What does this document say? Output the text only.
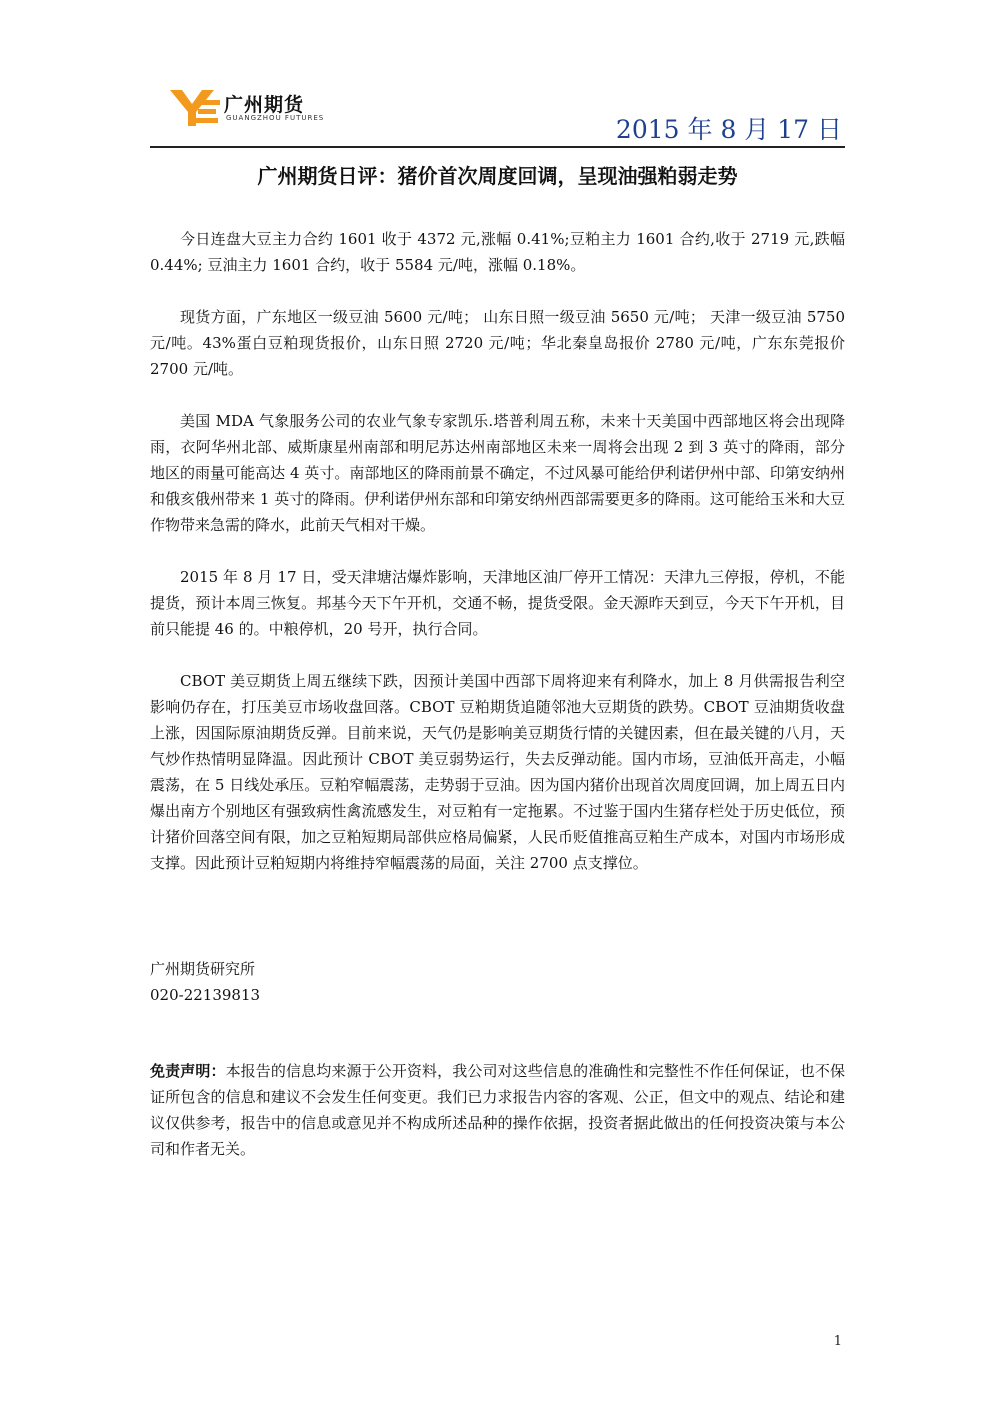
广州期货
GUANGZHOU FUTURES	2015 年 8 月 17 日
广州期货日评：猪价首次周度回调，呈现油强粕弱走势

今日连盘大豆主力合约 1601 收于 4372 元,涨幅 0.41%;豆粕主力 1601 合约,收于 2719 元,跌幅 0.44%; 豆油主力 1601 合约，收于 5584 元/吨，涨幅 0.18%。

现货方面，广东地区一级豆油 5600 元/吨； 山东日照一级豆油 5650 元/吨； 天津一级豆油 5750 元/吨。43%蛋白豆粕现货报价，山东日照 2720 元/吨；华北秦皇岛报价 2780 元/吨，广东东莞报价 2700 元/吨。

美国 MDA 气象服务公司的农业气象专家凯乐.塔普利周五称，未来十天美国中西部地区将会出现降雨，衣阿华州北部、威斯康星州南部和明尼苏达州南部地区未来一周将会出现 2 到 3 英寸的降雨，部分地区的雨量可能高达 4 英寸。南部地区的降雨前景不确定，不过风暴可能给伊利诺伊州中部、印第安纳州和俄亥俄州带来 1 英寸的降雨。伊利诺伊州东部和印第安纳州西部需要更多的降雨。这可能给玉米和大豆作物带来急需的降水，此前天气相对干燥。

2015 年 8 月 17 日，受天津塘沽爆炸影响，天津地区油厂停开工情况：天津九三停报，停机，不能提货，预计本周三恢复。邦基今天下午开机，交通不畅，提货受限。金天源昨天到豆，今天下午开机，目前只能提 46 的。中粮停机，20 号开，执行合同。

CBOT 美豆期货上周五继续下跌，因预计美国中西部下周将迎来有利降水，加上 8 月供需报告利空影响仍存在，打压美豆市场收盘回落。CBOT 豆粕期货追随邻池大豆期货的跌势。CBOT 豆油期货收盘上涨，因国际原油期货反弹。目前来说，天气仍是影响美豆期货行情的关键因素，但在最关键的八月，天气炒作热情明显降温。因此预计 CBOT 美豆弱势运行，失去反弹动能。国内市场，豆油低开高走，小幅震荡，在 5 日线处承压。豆粕窄幅震荡，走势弱于豆油。因为国内猪价出现首次周度回调，加上周五日内爆出南方个别地区有强致病性禽流感发生，对豆粕有一定拖累。不过鉴于国内生猪存栏处于历史低位，预计猪价回落空间有限，加之豆粕短期局部供应格局偏紧，人民币贬值推高豆粕生产成本，对国内市场形成支撑。因此预计豆粕短期内将维持窄幅震荡的局面，关注 2700 点支撑位。

广州期货研究所
020-22139813
免责声明：本报告的信息均来源于公开资料，我公司对这些信息的准确性和完整性不作任何保证，也不保证所包含的信息和建议不会发生任何变更。我们已力求报告内容的客观、公正，但文中的观点、结论和建议仅供参考，报告中的信息或意见并不构成所述品种的操作依据，投资者据此做出的任何投资决策与本公司和作者无关。
1
